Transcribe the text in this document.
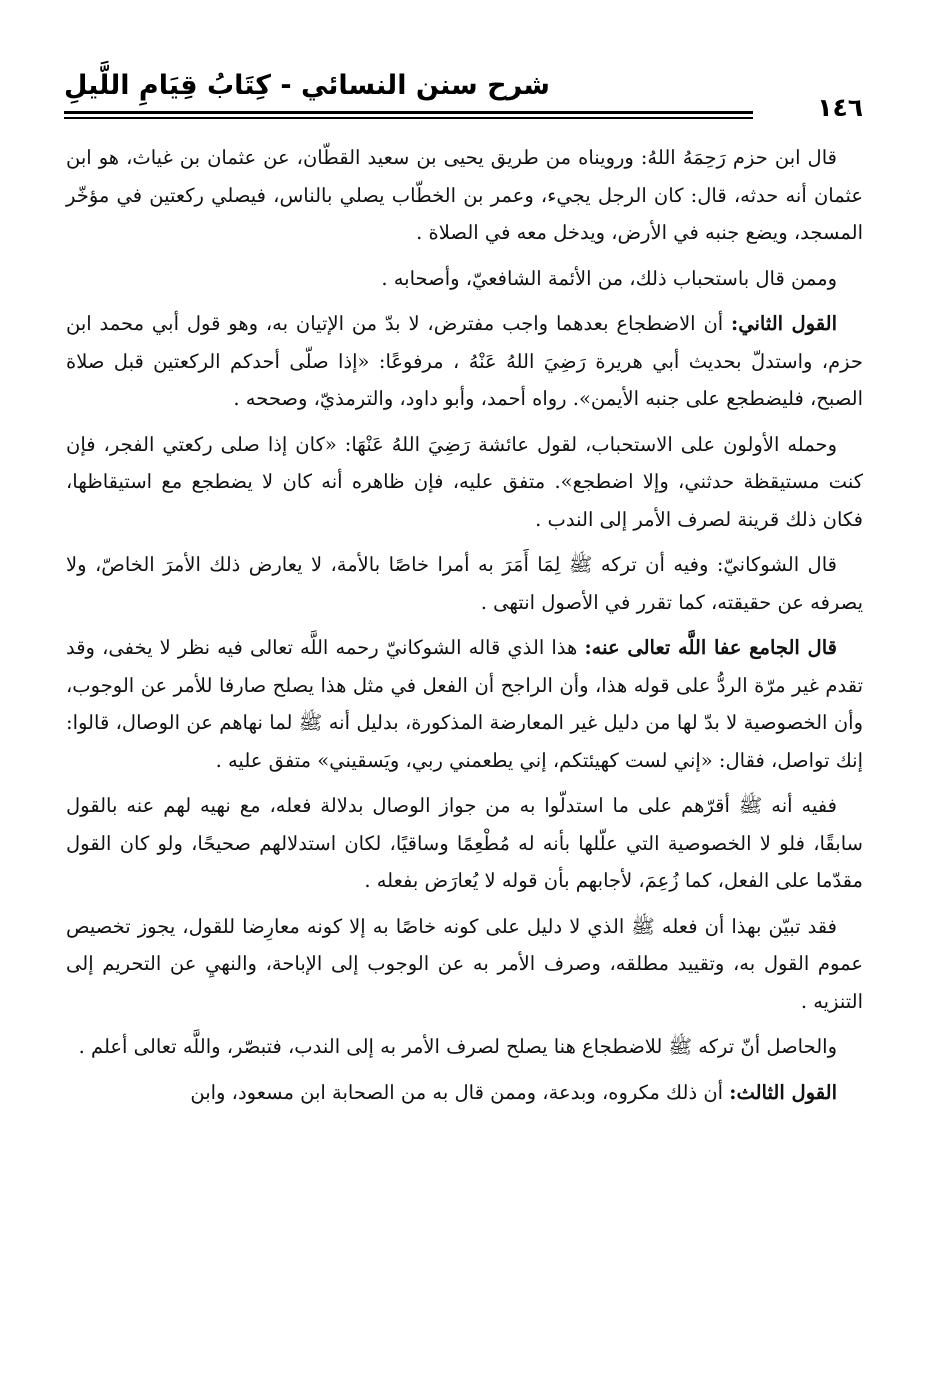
شرح سنن النسائي - كِتَابُ قِيَامِ اللَّيلِ
١٤٦

قال ابن حزم رَحِمَهُ اللهُ: ورويناه من طريق يحيى بن سعيد القطّان، عن عثمان بن غياث، هو ابن عثمان أنه حدثه، قال: كان الرجل يجيء، وعمر بن الخطّاب يصلي بالناس، فيصلي ركعتين في مؤخّر المسجد، ويضع جنبه في الأرض، ويدخل معه في الصلاة .

وممن قال باستحباب ذلك، من الأئمة الشافعيّ، وأصحابه .

القول الثاني: أن الاضطجاع بعدهما واجب مفترض، لا بدّ من الإتيان به، وهو قول أبي محمد ابن حزم، واستدلّ بحديث أبي هريرة رَضِيَ اللهُ عَنْهُ ، مرفوعًا: «إذا صلّى أحدكم الركعتين قبل صلاة الصبح، فليضطجع على جنبه الأيمن». رواه أحمد، وأبو داود، والترمذيّ، وصححه .

وحمله الأولون على الاستحباب، لقول عائشة رَضِيَ اللهُ عَنْهَا: «كان إذا صلى ركعتي الفجر، فإن كنت مستيقظة حدثني، وإلا اضطجع». متفق عليه، فإن ظاهره أنه كان لا يضطجع مع استيقاظها، فكان ذلك قرينة لصرف الأمر إلى الندب .

قال الشوكانيّ: وفيه أن تركه ﷺ لِمَا أَمَرَ به أمرا خاصًا بالأمة، لا يعارض ذلك الأمرَ الخاصّ، ولا يصرفه عن حقيقته، كما تقرر في الأصول انتهى .

قال الجامع عفا اللَّه تعالى عنه: هذا الذي قاله الشوكانيّ رحمه اللَّه تعالى فيه نظر لا يخفى، وقد تقدم غير مرّة الردُّ على قوله هذا، وأن الراجح أن الفعل في مثل هذا يصلح صارفا للأمر عن الوجوب، وأن الخصوصية لا بدّ لها من دليل غير المعارضة المذكورة، بدليل أنه ﷺ لما نهاهم عن الوصال، قالوا: إنك تواصل، فقال: «إني لست كهيئتكم، إني يطعمني ربي، ويَسقيني» متفق عليه .

ففيه أنه ﷺ أقرّهم على ما استدلّوا به من جواز الوصال بدلالة فعله، مع نهيه لهم عنه بالقول سابقًا، فلو لا الخصوصية التي علّلها بأنه له مُطْعِمًا وساقيًا، لكان استدلالهم صحيحًا، ولو كان القول مقدّما على الفعل، كما زُعِمَ، لأجابهم بأن قوله لا يُعارَض بفعله .

فقد تبيّن بهذا أن فعله ﷺ الذي لا دليل على كونه خاصًا به إلا كونه معارِضا للقول، يجوز تخصيص عموم القول به، وتقييد مطلقه، وصرف الأمر به عن الوجوب إلى الإباحة، والنهيِ عن التحريم إلى التنزيه .

والحاصل أنّ تركه ﷺ للاضطجاع هنا يصلح لصرف الأمر به إلى الندب، فتبصّر، واللَّه تعالى أعلم .

القول الثالث: أن ذلك مكروه، وبدعة، وممن قال به من الصحابة ابن مسعود، وابن
